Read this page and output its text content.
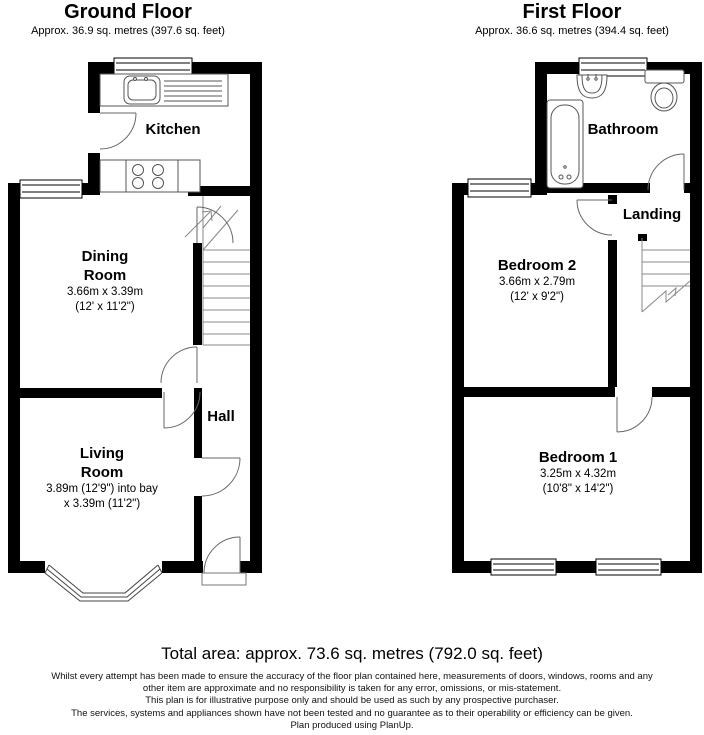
Ground Floor
Approx. 36.9 sq. metres (397.6 sq. feet)
First Floor
Approx. 36.6 sq. metres (394.4 sq. feet)
Kitchen
Dining Room
3.66m x 3.39m
(12' x 11'2")
Hall
Living Room
3.89m (12'9") into bay
x 3.39m (11'2")
Bathroom
Landing
Bedroom 2
3.66m x 2.79m
(12' x 9'2")
Bedroom 1
3.25m x 4.32m
(10'8" x 14'2")
Total area: approx. 73.6 sq. metres (792.0 sq. feet)
Whilst every attempt has been made to ensure the accuracy of the floor plan contained here, measurements of doors, windows, rooms and any
other item are approximate and no responsibility is taken for any error, omissions, or mis-statement.
This plan is for illustrative purpose only and should be used as such by any prospective purchaser.
The services, systems and appliances shown have not been tested and no guarantee as to their operability or efficiency can be given.
Plan produced using PlanUp.
